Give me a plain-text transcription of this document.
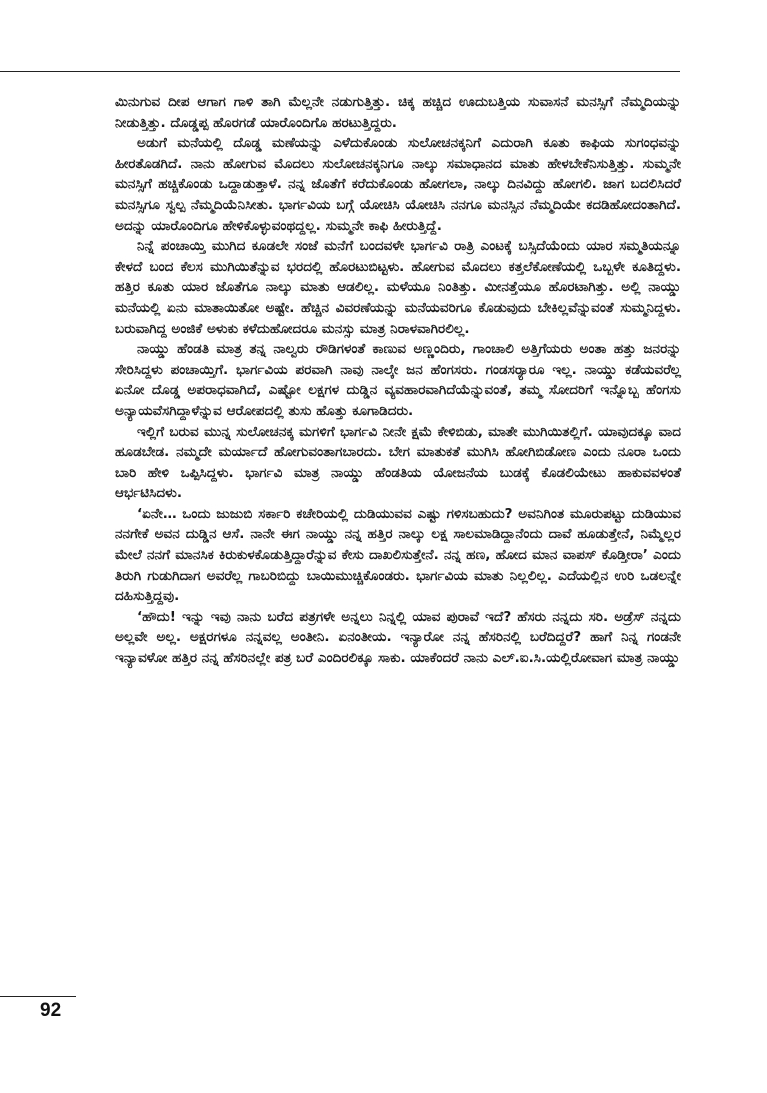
ಮಿನುಗುವ ದೀಪ ಆಗಾಗ ಗಾಳಿ ತಾಗಿ ಮೆಲ್ಲನೇ ನಡುಗುತ್ತಿತ್ತು. ಚಿಕ್ಕ ಹಚ್ಚಿದ ಊದುಬತ್ತಿಯ ಸುವಾಸನೆ ಮನಸ್ಸಿಗೆ ನೆಮ್ಮದಿಯನ್ನು ನೀಡುತ್ತಿತ್ತು. ದೊಡ್ಡಪ್ಪ ಹೊರಗಡೆ ಯಾರೊಂದಿಗೊ ಹರಟುತ್ತಿದ್ದರು.

ಅಡುಗೆ ಮನೆಯಲ್ಲಿ ದೊಡ್ಡ ಮಣೆಯನ್ನು ಎಳೆದುಕೊಂಡು ಸುಲೋಚನಕ್ಕನಿಗೆ ಎದುರಾಗಿ ಕೂತು ಕಾಫಿಯ ಸುಗಂಧವನ್ನು ಹೀರತೊಡಗಿದೆ. ನಾನು ಹೋಗುವ ಮೊದಲು ಸುಲೋಚನಕ್ಕನಿಗೂ ನಾಲ್ಕು ಸಮಾಧಾನದ ಮಾತು ಹೇಳಬೇಕೆನಿಸುತ್ತಿತ್ತು. ಸುಮ್ಮನೇ ಮನಸ್ಸಿಗೆ ಹಚ್ಚಿಕೊಂಡು ಒದ್ದಾಡುತ್ತಾಳೆ. ನನ್ನ ಜೊತೆಗೆ ಕರೆದುಕೊಂಡು ಹೋಗಲಾ, ನಾಲ್ಕು ದಿನವಿದ್ದು ಹೋಗಲಿ. ಜಾಗ ಬದಲಿಸಿದರೆ ಮನಸ್ಸಿಗೂ ಸ್ವಲ್ಪ ನೆಮ್ಮದಿಯೆನಿಸೀತು. ಭಾರ್ಗವಿಯ ಬಗ್ಗೆ ಯೋಚಿಸಿ ಯೋಚಿಸಿ ನನಗೂ ಮನಸ್ಸಿನ ನೆಮ್ಮದಿಯೇ ಕದಡಿಹೋದಂತಾಗಿದೆ. ಅದನ್ನು ಯಾರೊಂದಿಗೂ ಹೇಳಿಕೊಳ್ಳುವಂಥದ್ದಲ್ಲ. ಸುಮ್ಮನೇ ಕಾಫಿ ಹೀರುತ್ತಿದ್ದೆ.

ನಿನ್ನೆ ಪಂಚಾಯ್ತಿ ಮುಗಿದ ಕೂಡಲೇ ಸಂಜೆ ಮನೆಗೆ ಬಂದವಳೇ ಭಾರ್ಗವಿ ರಾತ್ರಿ ಎಂಟಕ್ಕೆ ಬಸ್ಸಿದೆಯೆಂದು ಯಾರ ಸಮ್ಮತಿಯನ್ನೂ ಕೇಳದೆ ಬಂದ ಕೆಲಸ ಮುಗಿಯಿತೆನ್ನುವ ಭರದಲ್ಲಿ ಹೊರಟುಬಿಟ್ಟಳು. ಹೋಗುವ ಮೊದಲು ಕತ್ತಲೆಕೋಣೆಯಲ್ಲಿ ಒಬ್ಬಳೇ ಕೂತಿದ್ದಳು. ಹತ್ತಿರ ಕೂತು ಯಾರ ಜೊತೆಗೂ ನಾಲ್ಕು ಮಾತು ಆಡಲಿಲ್ಲ. ಮಳೆಯೂ ನಿಂತಿತ್ತು. ಮೀನತ್ತೆಯೂ ಹೊರಟಾಗಿತ್ತು. ಅಲ್ಲಿ ನಾಯ್ಡು ಮನೆಯಲ್ಲಿ ಏನು ಮಾತಾಯಿತೋ ಅಷ್ಟೇ. ಹೆಚ್ಚಿನ ವಿವರಣೆಯನ್ನು ಮನೆಯವರಿಗೂ ಕೊಡುವುದು ಬೇಕಿಲ್ಲವೆನ್ನುವಂತೆ ಸುಮ್ಮನಿದ್ದಳು. ಬರುವಾಗಿದ್ದ ಅಂಜಿಕೆ ಅಳುಕು ಕಳೆದುಹೋದರೂ ಮನಸ್ಸು ಮಾತ್ರ ನಿರಾಳವಾಗಿರಲಿಲ್ಲ.

ನಾಯ್ಡು ಹೆಂಡತಿ ಮಾತ್ರ ತನ್ನ ನಾಲ್ವರು ರೌಡಿಗಳಂತೆ ಕಾಣುವ ಅಣ್ಣಂದಿರು, ಗಾಂಚಾಲಿ ಅತ್ತಿಗೆಯರು ಅಂತಾ ಹತ್ತು ಜನರನ್ನು ಸೇರಿಸಿದ್ದಳು ಪಂಚಾಯ್ತಿಗೆ. ಭಾರ್ಗವಿಯ ಪರವಾಗಿ ನಾವು ನಾಲ್ಕೇ ಜನ ಹೆಂಗಸರು. ಗಂಡಸರ್‍ಯಾರೂ ಇಲ್ಲ. ನಾಯ್ಡು ಕಡೆಯವರೆಲ್ಲ ಏನೋ ದೊಡ್ಡ ಅಪರಾಧವಾಗಿದೆ, ಎಷ್ಟೋ ಲಕ್ಷಗಳ ದುಡ್ಡಿನ ವ್ಯವಹಾರವಾಗಿದೆಯೆನ್ನುವಂತೆ, ತಮ್ಮ ಸೋದರಿಗೆ ಇನ್ನೊಬ್ಬ ಹೆಂಗಸು ಅನ್ಯಾಯವೆಸಗಿದ್ದಾಳೆನ್ನುವ ಆರೋಪದಲ್ಲಿ ತುಸು ಹೊತ್ತು ಕೂಗಾಡಿದರು.

ಇಲ್ಲಿಗೆ ಬರುವ ಮುನ್ನ ಸುಲೋಚನಕ್ಕ ಮಗಳಿಗೆ ಭಾರ್ಗವಿ ನೀನೇ ಕ್ಷಮೆ ಕೇಳಿಬಿಡು, ಮಾತೇ ಮುಗಿಯಿತಲ್ಲಿಗೆ. ಯಾವುದಕ್ಕೂ ವಾದ ಹೂಡಬೇಡ. ನಮ್ಮದೇ ಮರ್ಯಾದೆ ಹೋಗುವಂತಾಗಬಾರದು. ಬೇಗ ಮಾತುಕತೆ ಮುಗಿಸಿ ಹೋಗಿಬಿಡೋಣ ಎಂದು ನೂರಾ ಒಂದು ಬಾರಿ ಹೇಳಿ ಒಪ್ಪಿಸಿದ್ದಳು. ಭಾರ್ಗವಿ ಮಾತ್ರ ನಾಯ್ಡು ಹೆಂಡತಿಯ ಯೋಜನೆಯ ಬುಡಕ್ಕೆ ಕೊಡಲಿಯೇಟು ಹಾಕುವವಳಂತೆ ಆರ್ಭಟಿಸಿದಳು.

‘ಏನೇ… ಒಂದು ಜುಜುಬಿ ಸರ್ಕಾರಿ ಕಚೇರಿಯಲ್ಲಿ ದುಡಿಯುವವ ಎಷ್ಟು ಗಳಿಸಬಹುದು? ಅವನಿಗಿಂತ ಮೂರುಪಟ್ಟು ದುಡಿಯುವ ನನಗೇಕೆ ಅವನ ದುಡ್ಡಿನ ಆಸೆ. ನಾನೇ ಈಗ ನಾಯ್ಡು ನನ್ನ ಹತ್ತಿರ ನಾಲ್ಕು ಲಕ್ಷ ಸಾಲಮಾಡಿದ್ದಾನೆಂದು ದಾವೆ ಹೂಡುತ್ತೇನೆ, ನಿಮ್ಮೆಲ್ಲರ ಮೇಲೆ ನನಗೆ ಮಾನಸಿಕ ಕಿರುಕುಳಕೊಡುತ್ತಿದ್ದಾರೆನ್ನುವ ಕೇಸು ದಾಖಲಿಸುತ್ತೇನೆ. ನನ್ನ ಹಣ, ಹೋದ ಮಾನ ವಾಪಸ್ ಕೊಡ್ತೀರಾ’ ಎಂದು ತಿರುಗಿ ಗುಡುಗಿದಾಗ ಅವರೆಲ್ಲ ಗಾಬರಿಬಿದ್ದು ಬಾಯಿಮುಚ್ಚಿಕೊಂಡರು. ಭಾರ್ಗವಿಯ ಮಾತು ನಿಲ್ಲಲಿಲ್ಲ. ಎದೆಯಲ್ಲಿನ ಉರಿ ಒಡಲನ್ನೇ ದಹಿಸುತ್ತಿದ್ದವು.

‘ಹೌದು! ಇನ್ನು ಇವು ನಾನು ಬರೆದ ಪತ್ರಗಳೇ ಅನ್ನಲು ನಿನ್ನಲ್ಲಿ ಯಾವ ಪುರಾವೆ ಇದೆ? ಹೆಸರು ನನ್ನದು ಸರಿ. ಅಡ್ರೆಸ್ ನನ್ನದು ಅಲ್ಲವೇ ಅಲ್ಲ. ಅಕ್ಷರಗಳೂ ನನ್ನವಲ್ಲ ಅಂತೀನಿ. ಏನಂತೀಯ. ಇನ್ಯಾರೋ ನನ್ನ ಹೆಸರಿನಲ್ಲಿ ಬರೆದಿದ್ದರೆ? ಹಾಗೆ ನಿನ್ನ ಗಂಡನೇ ಇನ್ಯಾವಳೋ ಹತ್ತಿರ ನನ್ನ ಹೆಸರಿನಲ್ಲೇ ಪತ್ರ ಬರೆ ಎಂದಿರಲಿಕ್ಕೂ ಸಾಕು. ಯಾಕೆಂದರೆ ನಾನು ಎಲ್.ಐ.ಸಿ.ಯಲ್ಲಿರೋವಾಗ ಮಾತ್ರ ನಾಯ್ಡು

92
